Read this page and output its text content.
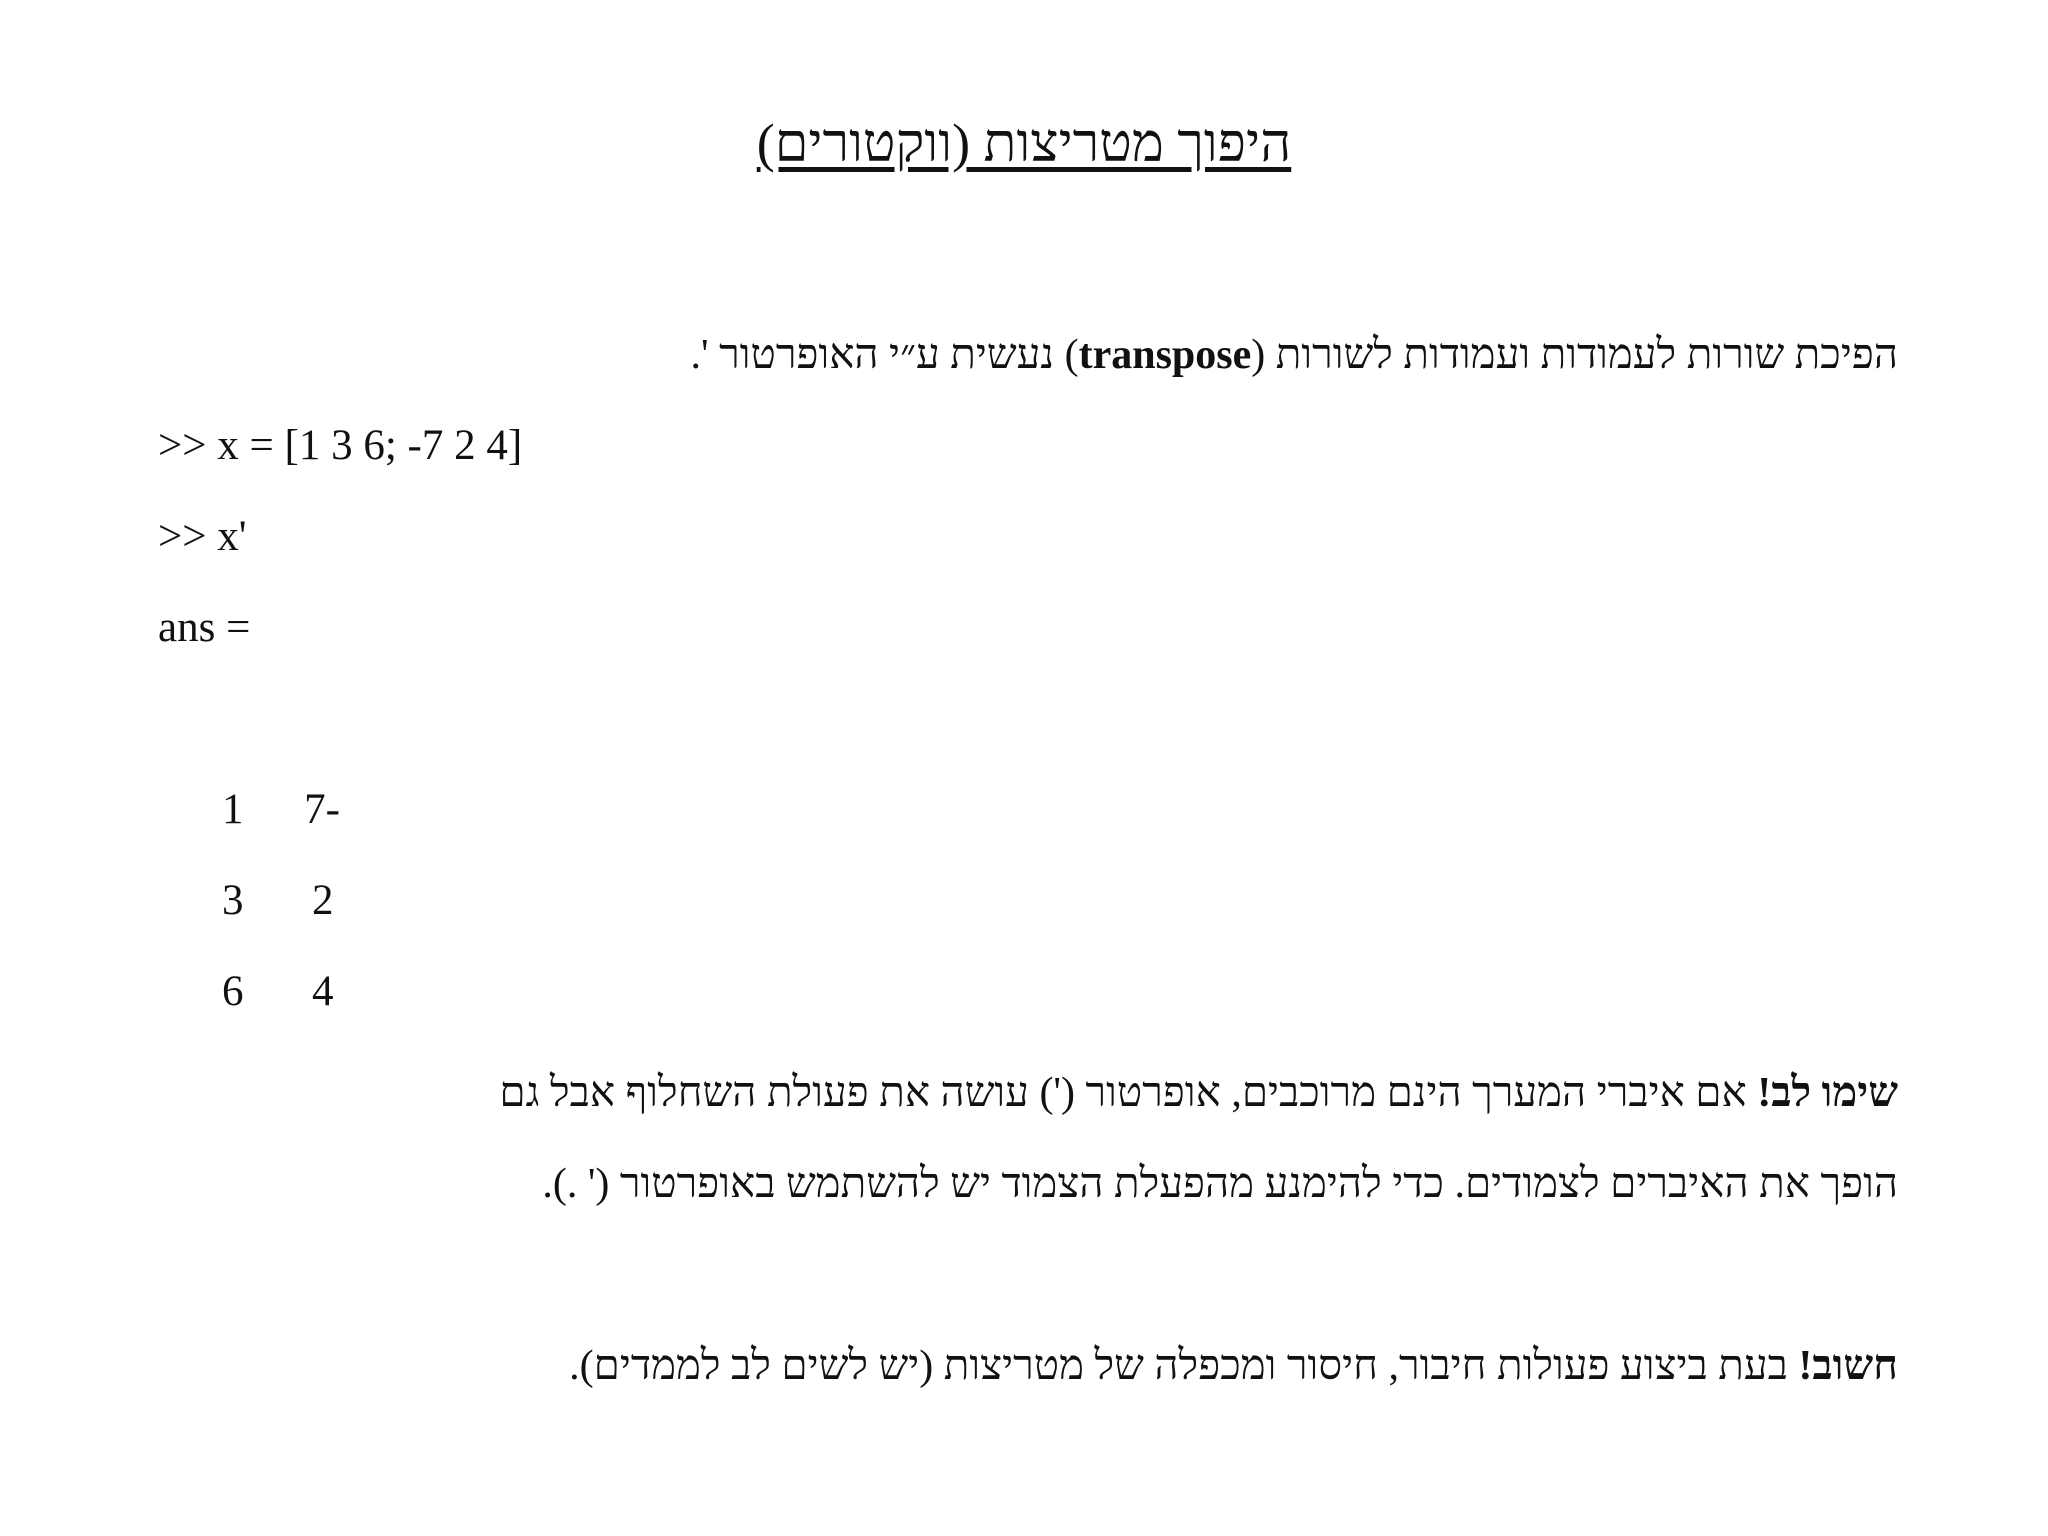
היפוך מטריצות (ווקטורים)
הפיכת שורות לעמודות ועמודות לשורות (transpose) נעשית ע״י האופרטור '.
>> x = [1 3 6; -7 2 4]
>> x'
ans =
1 -7
3 2
6 4
שימו לב! אם איברי המערך הינם מרוכבים, אופרטור (') עושה את פעולת השחלוף אבל גם
הופך את האיברים לצמודים. כדי להימנע מהפעלת הצמוד יש להשתמש באופרטור (' .).
חשוב! בעת ביצוע פעולות חיבור, חיסור ומכפלה של מטריצות (יש לשים לב לממדים).
